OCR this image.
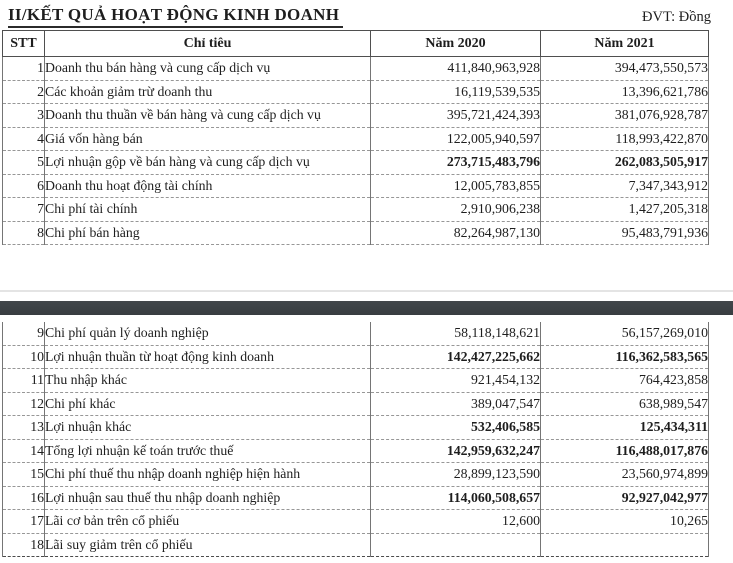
II/KẾT QUẢ HOẠT ĐỘNG KINH DOANH	ĐVT: Đồng
STT	Chỉ tiêu	Năm 2020	Năm 2021
1	Doanh thu bán hàng và cung cấp dịch vụ	411,840,963,928	394,473,550,573
2	Các khoản giảm trừ doanh thu	16,119,539,535	13,396,621,786
3	Doanh thu thuần về bán hàng và cung cấp dịch vụ	395,721,424,393	381,076,928,787
4	Giá vốn hàng bán	122,005,940,597	118,993,422,870
5	Lợi nhuận gộp về bán hàng và cung cấp dịch vụ	273,715,483,796	262,083,505,917
6	Doanh thu hoạt động tài chính	12,005,783,855	7,347,343,912
7	Chi phí tài chính	2,910,906,238	1,427,205,318
8	Chi phí bán hàng	82,264,987,130	95,483,791,936
9	Chi phí quản lý doanh nghiệp	58,118,148,621	56,157,269,010
10	Lợi nhuận thuần từ hoạt động kinh doanh	142,427,225,662	116,362,583,565
11	Thu nhập khác	921,454,132	764,423,858
12	Chi phí khác	389,047,547	638,989,547
13	Lợi nhuận khác	532,406,585	125,434,311
14	Tổng lợi nhuận kế toán trước thuế	142,959,632,247	116,488,017,876
15	Chi phí thuế thu nhập doanh nghiệp hiện hành	28,899,123,590	23,560,974,899
16	Lợi nhuận sau thuế thu nhập doanh nghiệp	114,060,508,657	92,927,042,977
17	Lãi cơ bản trên cổ phiếu	12,600	10,265
18	Lãi suy giảm trên cổ phiếu		
